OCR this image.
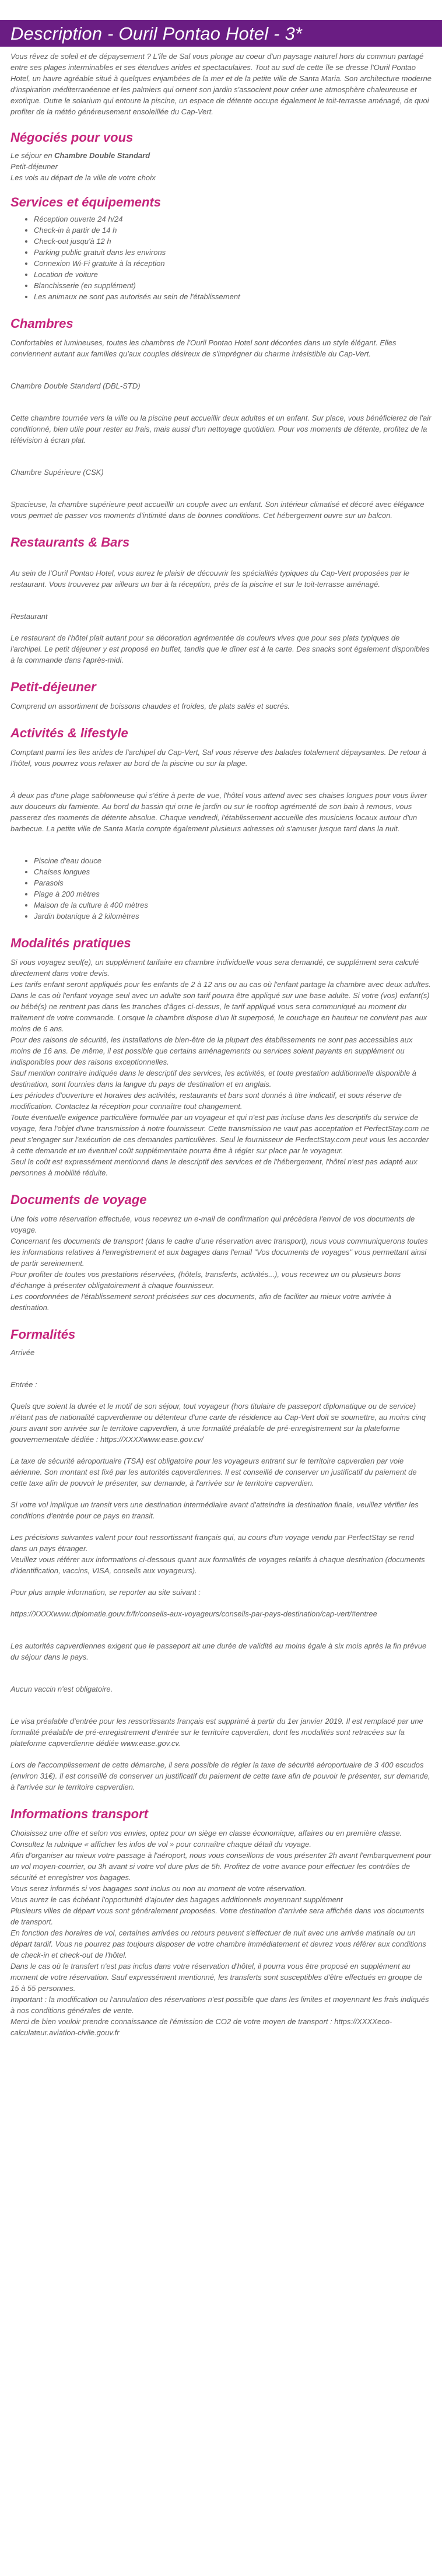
Description - Ouril Pontao Hotel - 3*

Vous rêvez de soleil et de dépaysement ? L'île de Sal vous plonge au coeur d'un paysage naturel hors du commun partagé entre ses plages interminables et ses étendues arides et spectaculaires. Tout au sud de cette île se dresse l'Ouril Pontao Hotel, un havre agréable situé à quelques enjambées de la mer et de la petite ville de Santa Maria. Son architecture moderne d'inspiration méditerranéenne et les palmiers qui ornent son jardin s'associent pour créer une atmosphère chaleureuse et exotique. Outre le solarium qui entoure la piscine, un espace de détente occupe également le toit-terrasse aménagé, de quoi profiter de la météo généreusement ensoleillée du Cap-Vert.

Négociés pour vous

Le séjour en Chambre Double Standard

Petit-déjeuner

Les vols au départ de la ville de votre choix

Services et équipements
• Réception ouverte 24 h/24
• Check-in à partir de 14 h
• Check-out jusqu'à 12 h
• Parking public gratuit dans les environs
• Connexion Wi-Fi gratuite à la réception
• Location de voiture
• Blanchisserie (en supplément)
• Les animaux ne sont pas autorisés au sein de l'établissement
Chambres

Confortables et lumineuses, toutes les chambres de l'Ouril Pontao Hotel sont décorées dans un style élégant. Elles conviennent autant aux familles qu'aux couples désireux de s'imprégner du charme irrésistible du Cap-Vert.

Chambre Double Standard (DBL-STD)

Cette chambre tournée vers la ville ou la piscine peut accueillir deux adultes et un enfant. Sur place, vous bénéficierez de l'air conditionné, bien utile pour rester au frais, mais aussi d'un nettoyage quotidien. Pour vos moments de détente, profitez de la télévision à écran plat.

Chambre Supérieure (CSK)

Spacieuse, la chambre supérieure peut accueillir un couple avec un enfant. Son intérieur climatisé et décoré avec élégance vous permet de passer vos moments d'intimité dans de bonnes conditions. Cet hébergement ouvre sur un balcon.

Restaurants & Bars

Au sein de l'Ouril Pontao Hotel, vous aurez le plaisir de découvrir les spécialités typiques du Cap-Vert proposées par le restaurant. Vous trouverez par ailleurs un bar à la réception, près de la piscine et sur le toit-terrasse aménagé.

Restaurant

Le restaurant de l'hôtel plait autant pour sa décoration agrémentée de couleurs vives que pour ses plats typiques de l'archipel. Le petit déjeuner y est proposé en buffet, tandis que le dîner est à la carte. Des snacks sont également disponibles à la commande dans l'après-midi.

Petit-déjeuner

Comprend un assortiment de boissons chaudes et froides, de plats salés et sucrés.

Activités & lifestyle

Comptant parmi les îles arides de l'archipel du Cap-Vert, Sal vous réserve des balades totalement dépaysantes. De retour à l'hôtel, vous pourrez vous relaxer au bord de la piscine ou sur la plage.

À deux pas d'une plage sablonneuse qui s'étire à perte de vue, l'hôtel vous attend avec ses chaises longues pour vous livrer aux douceurs du farniente. Au bord du bassin qui orne le jardin ou sur le rooftop agrémenté de son bain à remous, vous passerez des moments de détente absolue. Chaque vendredi, l'établissement accueille des musiciens locaux autour d'un barbecue. La petite ville de Santa Maria compte également plusieurs adresses où s'amuser jusque tard dans la nuit.

• Piscine d'eau douce
• Chaises longues
• Parasols
• Plage à 200 mètres
• Maison de la culture à 400 mètres
• Jardin botanique à 2 kilomètres
Modalités pratiques

Si vous voyagez seul(e), un supplément tarifaire en chambre individuelle vous sera demandé, ce supplément sera calculé directement dans votre devis.

Les tarifs enfant seront appliqués pour les enfants de 2 à 12 ans ou au cas où l'enfant partage la chambre avec deux adultes. Dans le cas où l'enfant voyage seul avec un adulte son tarif pourra être appliqué sur une base adulte. Si votre (vos) enfant(s) ou bébé(s) ne rentrent pas dans les tranches d'âges ci-dessus, le tarif appliqué vous sera communiqué au moment du traitement de votre commande. Lorsque la chambre dispose d'un lit superposé, le couchage en hauteur ne convient pas aux moins de 6 ans.

Pour des raisons de sécurité, les installations de bien-être de la plupart des établissements ne sont pas accessibles aux moins de 16 ans. De même, il est possible que certains aménagements ou services soient payants en supplément ou indisponibles pour des raisons exceptionnelles.

Sauf mention contraire indiquée dans le descriptif des services, les activités, et toute prestation additionnelle disponible à destination, sont fournies dans la langue du pays de destination et en anglais.

Les périodes d'ouverture et horaires des activités, restaurants et bars sont donnés à titre indicatif, et sous réserve de modification. Contactez la réception pour connaître tout changement.

Toute éventuelle exigence particulière formulée par un voyageur et qui n'est pas incluse dans les descriptifs du service de voyage, fera l'objet d'une transmission à notre fournisseur. Cette transmission ne vaut pas acceptation et PerfectStay.com ne peut s'engager sur l'exécution de ces demandes particulières. Seul le fournisseur de PerfectStay.com peut vous les accorder à cette demande et un éventuel coût supplémentaire pourra être à régler sur place par le voyageur.

Seul le coût est expressément mentionné dans le descriptif des services et de l'hébergement, l'hôtel n'est pas adapté aux personnes à mobilité réduite.

Documents de voyage

Une fois votre réservation effectuée, vous recevrez un e-mail de confirmation qui précèdera l'envoi de vos documents de voyage.

Concernant les documents de transport (dans le cadre d'une réservation avec transport), nous vous communiquerons toutes les informations relatives à l'enregistrement et aux bagages dans l'email "Vos documents de voyages" vous permettant ainsi de partir sereinement.

Pour profiter de toutes vos prestations réservées, (hôtels, transferts, activités...), vous recevrez un ou plusieurs bons d'échange à présenter obligatoirement à chaque fournisseur.

Les coordonnées de l'établissement seront précisées sur ces documents, afin de faciliter au mieux votre arrivée à destination.

Formalités

Arrivée

Entrée :

Quels que soient la durée et le motif de son séjour, tout voyageur (hors titulaire de passeport diplomatique ou de service) n'étant pas de nationalité capverdienne ou détenteur d'une carte de résidence au Cap-Vert doit se soumettre, au moins cinq jours avant son arrivée sur le territoire capverdien, à une formalité préalable de pré-enregistrement sur la plateforme gouvernementale dédiée : https://XXXXwww.ease.gov.cv/

La taxe de sécurité aéroportuaire (TSA) est obligatoire pour les voyageurs entrant sur le territoire capverdien par voie aérienne. Son montant est fixé par les autorités capverdiennes. Il est conseillé de conserver un justificatif du paiement de cette taxe afin de pouvoir le présenter, sur demande, à l'arrivée sur le territoire capverdien.

Si votre vol implique un transit vers une destination intermédiaire avant d'atteindre la destination finale, veuillez vérifier les conditions d'entrée pour ce pays en transit.

Les précisions suivantes valent pour tout ressortissant français qui, au cours d'un voyage vendu par PerfectStay se rend dans un pays étranger.

Veuillez vous référer aux informations ci-dessous quant aux formalités de voyages relatifs à chaque destination (documents d'identification, vaccins, VISA, conseils aux voyageurs).

Pour plus ample information, se reporter au site suivant :

https://XXXXwww.diplomatie.gouv.fr/fr/conseils-aux-voyageurs/conseils-par-pays-destination/cap-vert/#entree

Les autorités capverdiennes exigent que le passeport ait une durée de validité au moins égale à six mois après la fin prévue du séjour dans le pays.

Aucun vaccin n'est obligatoire.

Le visa préalable d'entrée pour les ressortissants français est supprimé à partir du 1er janvier 2019. Il est remplacé par une formalité préalable de pré-enregistrement d'entrée sur le territoire capverdien, dont les modalités sont retracées sur la plateforme capverdienne dédiée www.ease.gov.cv.

Lors de l'accomplissement de cette démarche, il sera possible de régler la taxe de sécurité aéroportuaire de 3 400 escudos (environ 31€). Il est conseillé de conserver un justificatif du paiement de cette taxe afin de pouvoir le présenter, sur demande, à l'arrivée sur le territoire capverdien.

Informations transport

Choisissez une offre et selon vos envies, optez pour un siège en classe économique, affaires ou en première classe.

Consultez la rubrique « afficher les infos de vol » pour connaître chaque détail du voyage.

Afin d'organiser au mieux votre passage à l'aéroport, nous vous conseillons de vous présenter 2h avant l'embarquement pour un vol moyen-courrier, ou 3h avant si votre vol dure plus de 5h. Profitez de votre avance pour effectuer les contrôles de sécurité et enregistrer vos bagages.

Vous serez informés si vos bagages sont inclus ou non au moment de votre réservation.

Vous aurez le cas échéant l'opportunité d'ajouter des bagages additionnels moyennant supplément

Plusieurs villes de départ vous sont généralement proposées. Votre destination d'arrivée sera affichée dans vos documents de transport.

En fonction des horaires de vol, certaines arrivées ou retours peuvent s'effectuer de nuit avec une arrivée matinale ou un départ tardif. Vous ne pourrez pas toujours disposer de votre chambre immédiatement et devrez vous référer aux conditions de check-in et check-out de l'hôtel.

Dans le cas où le transfert n'est pas inclus dans votre réservation d'hôtel, il pourra vous être proposé en supplément au moment de votre réservation. Sauf expressément mentionné, les transferts sont susceptibles d'être effectués en groupe de 15 à 55 personnes.

Important : la modification ou l'annulation des réservations n'est possible que dans les limites et moyennant les frais indiqués à nos conditions générales de vente.

Merci de bien vouloir prendre connaissance de l'émission de CO2 de votre moyen de transport : https://XXXXeco-calculateur.aviation-civile.gouv.fr
